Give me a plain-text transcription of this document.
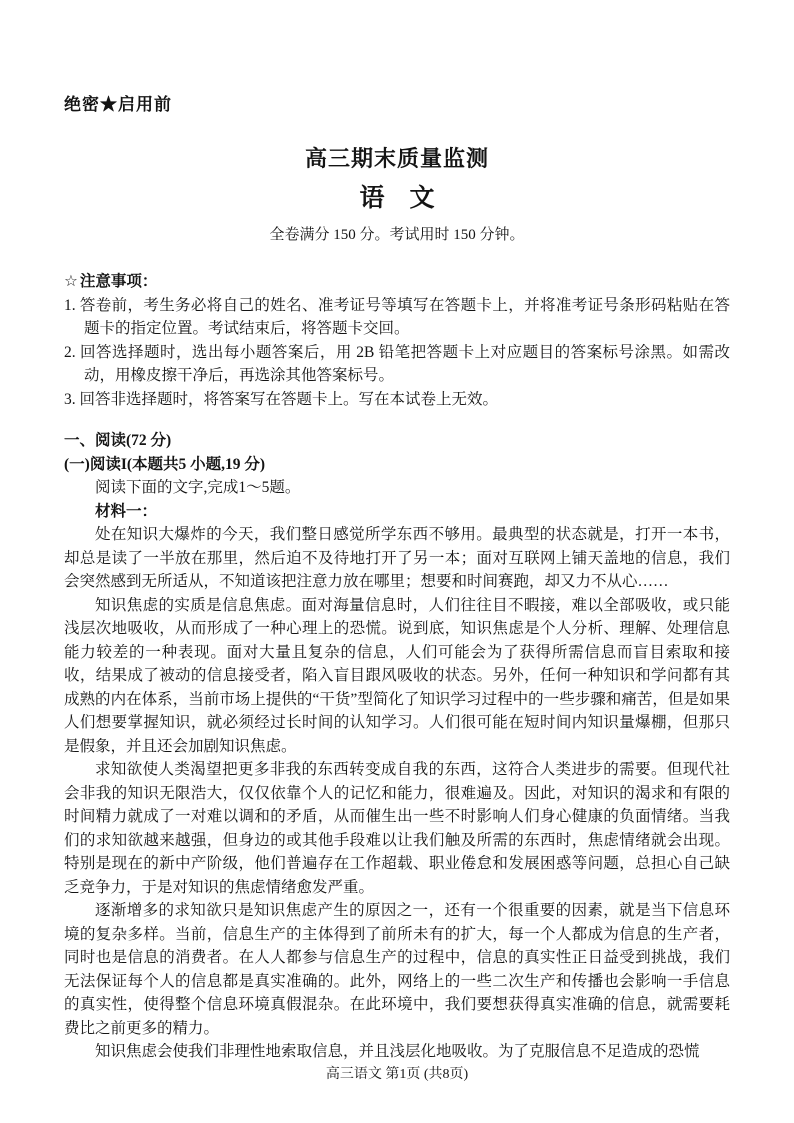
绝密★启用前
高三期末质量监测
语　文
全卷满分 150 分。考试用时 150 分钟。
☆ 注意事项：
1. 答卷前，考生务必将自己的姓名、准考证号等填写在答题卡上，并将准考证号条形码粘贴在答题卡的指定位置。考试结束后，将答题卡交回。
2. 回答选择题时，选出每小题答案后，用 2B 铅笔把答题卡上对应题目的答案标号涂黑。如需改动，用橡皮擦干净后，再选涂其他答案标号。
3. 回答非选择题时，将答案写在答题卡上。写在本试卷上无效。
一、阅读(72 分)
(一)阅读I(本题共5 小题,19 分)
阅读下面的文字,完成1～5题。
材料一：

处在知识大爆炸的今天，我们整日感觉所学东西不够用。最典型的状态就是，打开一本书，却总是读了一半放在那里，然后迫不及待地打开了另一本；面对互联网上铺天盖地的信息，我们会突然感到无所适从，不知道该把注意力放在哪里；想要和时间赛跑，却又力不从心……

知识焦虑的实质是信息焦虑。面对海量信息时，人们往往目不暇接，难以全部吸收，或只能浅层次地吸收，从而形成了一种心理上的恐慌。说到底，知识焦虑是个人分析、理解、处理信息能力较差的一种表现。面对大量且复杂的信息，人们可能会为了获得所需信息而盲目索取和接收，结果成了被动的信息接受者，陷入盲目跟风吸收的状态。另外，任何一种知识和学问都有其成熟的内在体系，当前市场上提供的“干货”型简化了知识学习过程中的一些步骤和痛苦，但是如果人们想要掌握知识，就必须经过长时间的认知学习。人们很可能在短时间内知识量爆棚，但那只是假象，并且还会加剧知识焦虑。

求知欲使人类渴望把更多非我的东西转变成自我的东西，这符合人类进步的需要。但现代社会非我的知识无限浩大，仅仅依靠个人的记忆和能力，很难遍及。因此，对知识的渴求和有限的时间精力就成了一对难以调和的矛盾，从而催生出一些不时影响人们身心健康的负面情绪。当我们的求知欲越来越强，但身边的或其他手段难以让我们触及所需的东西时，焦虑情绪就会出现。特别是现在的新中产阶级，他们普遍存在工作超载、职业倦怠和发展困惑等问题，总担心自己缺乏竞争力，于是对知识的焦虑情绪愈发严重。

逐渐增多的求知欲只是知识焦虑产生的原因之一，还有一个很重要的因素，就是当下信息环境的复杂多样。当前，信息生产的主体得到了前所未有的扩大，每一个人都成为信息的生产者，同时也是信息的消费者。在人人都参与信息生产的过程中，信息的真实性正日益受到挑战，我们无法保证每个人的信息都是真实准确的。此外，网络上的一些二次生产和传播也会影响一手信息的真实性，使得整个信息环境真假混杂。在此环境中，我们要想获得真实准确的信息，就需要耗费比之前更多的精力。

知识焦虑会使我们非理性地索取信息，并且浅层化地吸收。为了克服信息不足造成的恐慌

高三语文 第1页 (共8页)
